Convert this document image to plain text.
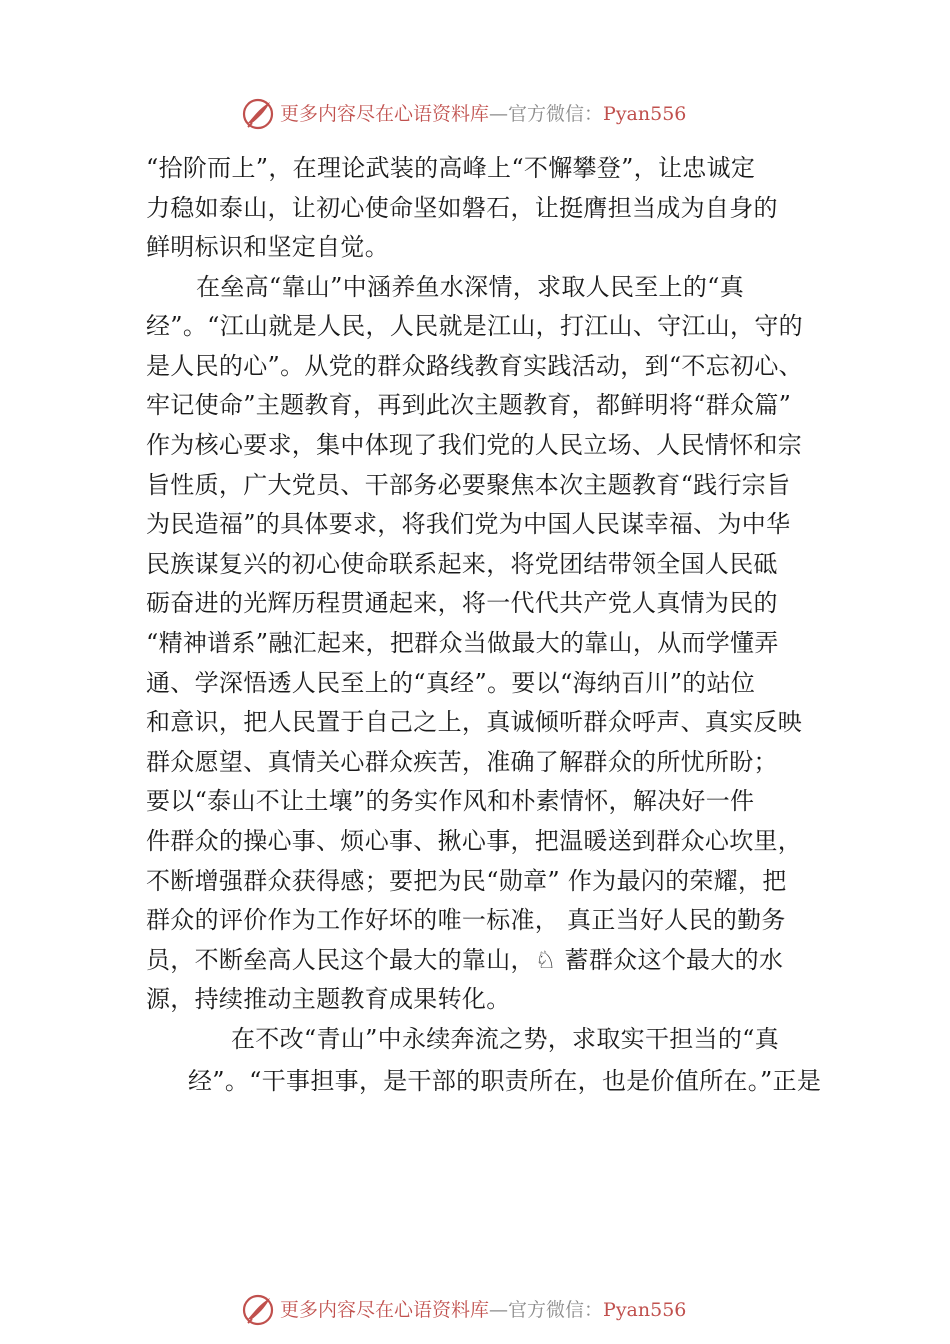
更多内容尽在心语资料库—官方微信：Pyan556
“拾阶而上”，在理论武装的高峰上“不懈攀登”，让忠诚定
力稳如泰山，让初心使命坚如磐石，让挺膺担当成为自身的
鲜明标识和坚定自觉。
在垒高“靠山”中涵养鱼水深情，求取人民至上的“真
经”。“江山就是人民，人民就是江山，打江山、守江山，守的
是人民的心”。从党的群众路线教育实践活动，到“不忘初心、
牢记使命”主题教育，再到此次主题教育，都鲜明将“群众篇”
作为核心要求，集中体现了我们党的人民立场、人民情怀和宗
旨性质，广大党员、干部务必要聚焦本次主题教育“践行宗旨
为民造福”的具体要求，将我们党为中国人民谋幸福、为中华
民族谋复兴的初心使命联系起来，将党团结带领全国人民砥
砺奋进的光辉历程贯通起来，将一代代共产党人真情为民的
“精神谱系”融汇起来，把群众当做最大的靠山，从而学懂弄
通、学深悟透人民至上的“真经”。要以“海纳百川”的站位
和意识，把人民置于自己之上，真诚倾听群众呼声、真实反映
群众愿望、真情关心群众疾苦，准确了解群众的所忧所盼；
要以“泰山不让土壤”的务实作风和朴素情怀，解决好一件
件群众的操心事、烦心事、揪心事，把温暖送到群众心坎里，
不断增强群众获得感；要把为民“勋章” 作为最闪的荣耀，把
群众的评价作为工作好坏的唯一标准， 真正当好人民的勤务
员，不断垒高人民这个最大的靠山，♘ 蓄群众这个最大的水
源，持续推动主题教育成果转化。
在不改“青山”中永续奔流之势，求取实干担当的“真
经”。“干事担事，是干部的职责所在，也是价值所在。”正是
更多内容尽在心语资料库—官方微信：Pyan556
